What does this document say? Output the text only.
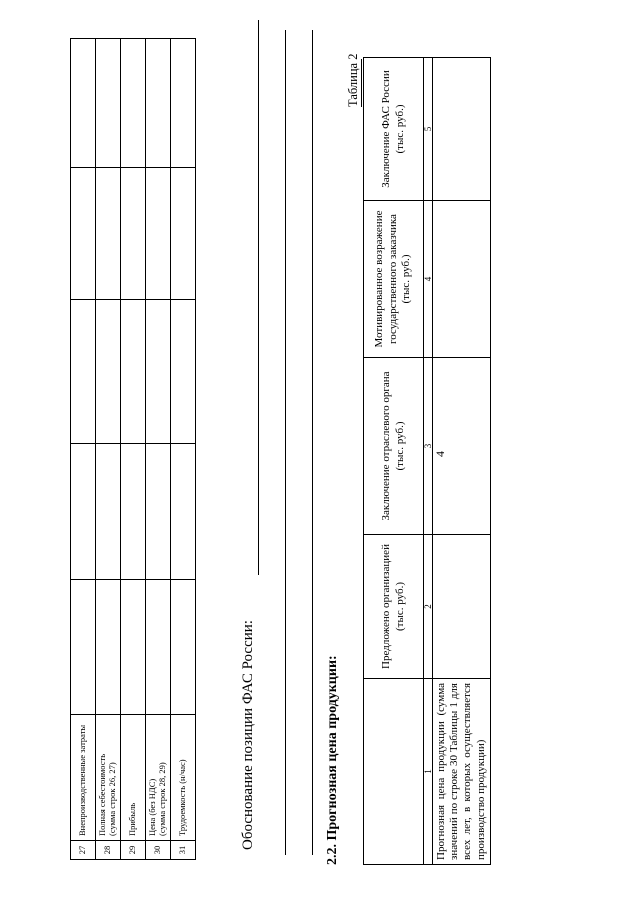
4
27	Внепроизводственные затраты					

28	Полная себестоимость (сумма строк 26, 27)					

29	Прибыль					

30	Цена (без НДС) (сумма строк 28, 29)					

31	Трудоемкость (н/час)					
						Обоснование позиции ФАС России:	2.2. Прогнозная цена продукции:
Таблица 2
	Предложено организацией (тыс. руб.)	Заключение отраслевого органа (тыс. руб.)	Мотивированное возражение государственного заказчика (тыс. руб.)	Заключение ФАС России (тыс. руб.)
1	2	3	4	5
Прогнозная цена продукции (сумма значений по строке 30 Таблицы 1 для всех лет, в которых осуществляется производство продукции)				
